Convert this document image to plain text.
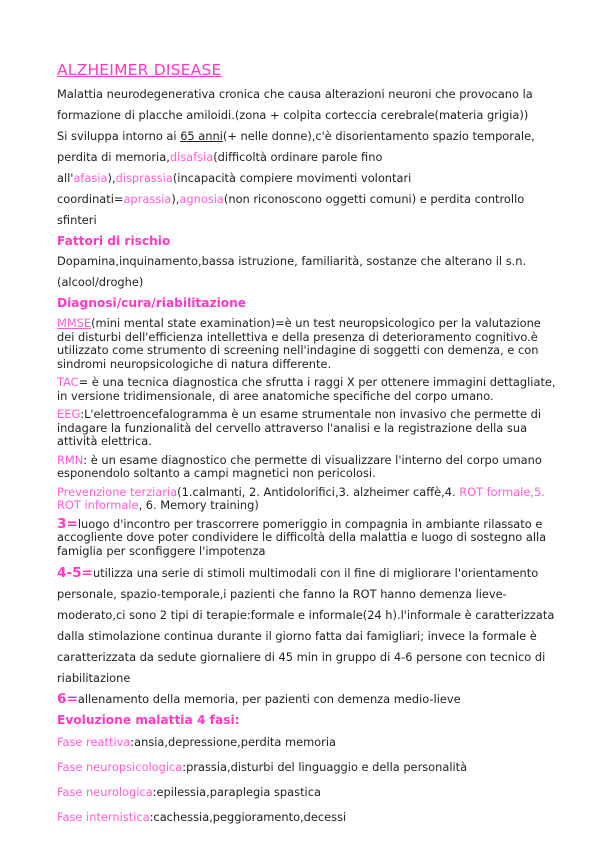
ALZHEIMER DISEASE

Malattia neurodegenerativa cronica che causa alterazioni neuroni che provocano la formazione di placche amiloidi.(zona + colpita corteccia cerebrale(materia grigia))

Si sviluppa intorno ai 65 anni(+ nelle donne),c'è disorientamento spazio temporale, perdita di memoria,disafsia(difficoltà ordinare parole fino all'afasia),disprassia(incapacità compiere movimenti volontari coordinati=aprassia),agnosia(non riconoscono oggetti comuni) e perdita controllo sfinteri

Fattori di rischio

Dopamina,inquinamento,bassa istruzione, familiarità, sostanze che alterano il s.n.(alcool/droghe)

Diagnosi/cura/riabilitazione

MMSE(mini mental state examination)=è un test neuropsicologico per la valutazione dei disturbi dell'efficienza intellettiva e della presenza di deterioramento cognitivo.è utilizzato come strumento di screening nell'indagine di soggetti con demenza, e con sindromi neuropsicologiche di natura differente.

TAC= è una tecnica diagnostica che sfrutta i raggi X per ottenere immagini dettagliate, in versione tridimensionale, di aree anatomiche specifiche del corpo umano.

EEG:L'elettroencefalogramma è un esame strumentale non invasivo che permette di indagare la funzionalità del cervello attraverso l'analisi e la registrazione della sua attività elettrica.

RMN: è un esame diagnostico che permette di visualizzare l'interno del corpo umano esponendolo soltanto a campi magnetici non pericolosi.

Prevenzione terziaria(1.calmanti, 2. Antidolorifici,3. alzheimer caffè,4. ROT formale,5. ROT informale, 6. Memory training)

3=luogo d'incontro per trascorrere pomeriggio in compagnia in ambiante rilassato e accogliente dove poter condividere le difficoltà della malattia e luogo di sostegno alla famiglia per sconfiggere l'impotenza

4-5=utilizza una serie di stimoli multimodali con il fine di migliorare l'orientamento personale, spazio-temporale,i pazienti che fanno la ROT hanno demenza lieve-moderato,ci sono 2 tipi di terapie:formale e informale(24 h).l'informale è caratterizzata dalla stimolazione continua durante il giorno fatta dai famigliari; invece la formale è caratterizzata da sedute giornaliere di 45 min in gruppo di 4-6 persone con tecnico di riabilitazione

6=allenamento della memoria, per pazienti con demenza medio-lieve

Evoluzione malattia 4 fasi:

Fase reattiva:ansia,depressione,perdita memoria

Fase neuropsicologica:prassia,disturbi del linguaggio e della personalità

Fase neurologica:epilessia,paraplegia spastica

Fase internistica:cachessia,peggioramento,decessi
